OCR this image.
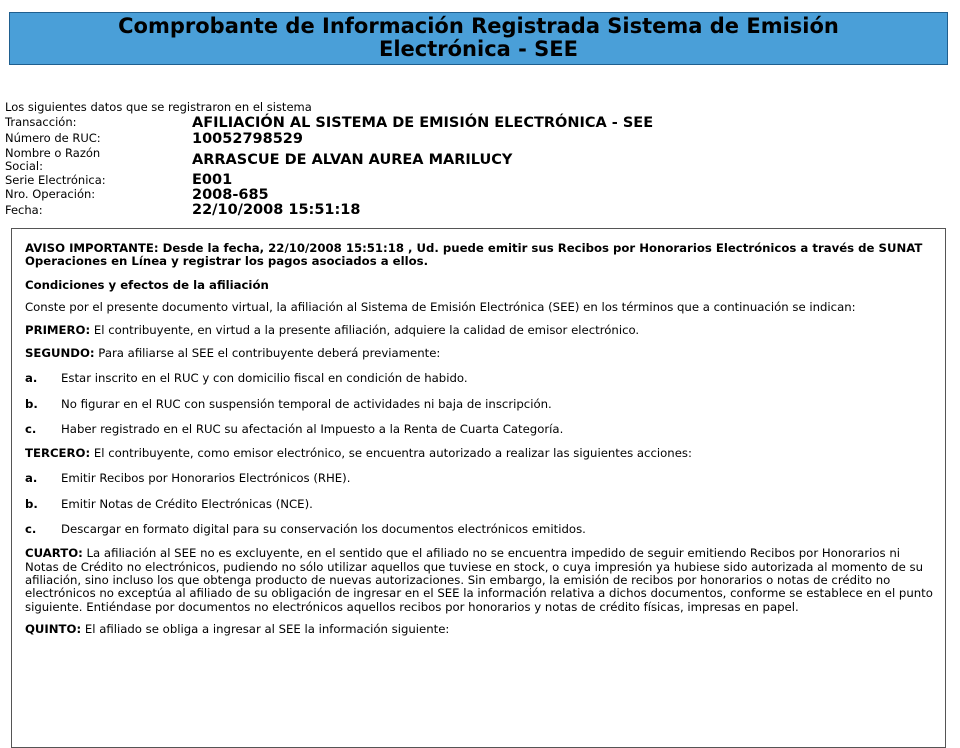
Comprobante de Información Registrada Sistema de Emisión
Electrónica - SEE
Los siguientes datos que se registraron en el sistema
Transacción:	AFILIACIÓN AL SISTEMA DE EMISIÓN ELECTRÓNICA - SEE
Número de RUC:	10052798529
Nombre o Razón Social:	ARRASCUE DE ALVAN AUREA MARILUCY
Serie Electrónica:	E001
Nro. Operación:	2008-685
Fecha:	22/10/2008 15:51:18

AVISO IMPORTANTE: Desde la fecha, 22/10/2008 15:51:18 , Ud. puede emitir sus Recibos por Honorarios Electrónicos a través de SUNAT Operaciones en Línea y registrar los pagos asociados a ellos.

Condiciones y efectos de la afiliación

Conste por el presente documento virtual, la afiliación al Sistema de Emisión Electrónica (SEE) en los términos que a continuación se indican:

PRIMERO: El contribuyente, en virtud a la presente afiliación, adquiere la calidad de emisor electrónico.

SEGUNDO: Para afiliarse al SEE el contribuyente deberá previamente:

a.	Estar inscrito en el RUC y con domicilio fiscal en condición de habido.
b.	No figurar en el RUC con suspensión temporal de actividades ni baja de inscripción.
c.	Haber registrado en el RUC su afectación al Impuesto a la Renta de Cuarta Categoría.

TERCERO: El contribuyente, como emisor electrónico, se encuentra autorizado a realizar las siguientes acciones:

a.	Emitir Recibos por Honorarios Electrónicos (RHE).
b.	Emitir Notas de Crédito Electrónicas (NCE).
c.	Descargar en formato digital para su conservación los documentos electrónicos emitidos.

CUARTO: La afiliación al SEE no es excluyente, en el sentido que el afiliado no se encuentra impedido de seguir emitiendo Recibos por Honorarios ni Notas de Crédito no electrónicos, pudiendo no sólo utilizar aquellos que tuviese en stock, o cuya impresión ya hubiese sido autorizada al momento de su afiliación, sino incluso los que obtenga producto de nuevas autorizaciones. Sin embargo, la emisión de recibos por honorarios o notas de crédito no electrónicos no exceptúa al afiliado de su obligación de ingresar en el SEE la información relativa a dichos documentos, conforme se establece en el punto siguiente. Entiéndase por documentos no electrónicos aquellos recibos por honorarios y notas de crédito físicas, impresas en papel.

QUINTO: El afiliado se obliga a ingresar al SEE la información siguiente:
